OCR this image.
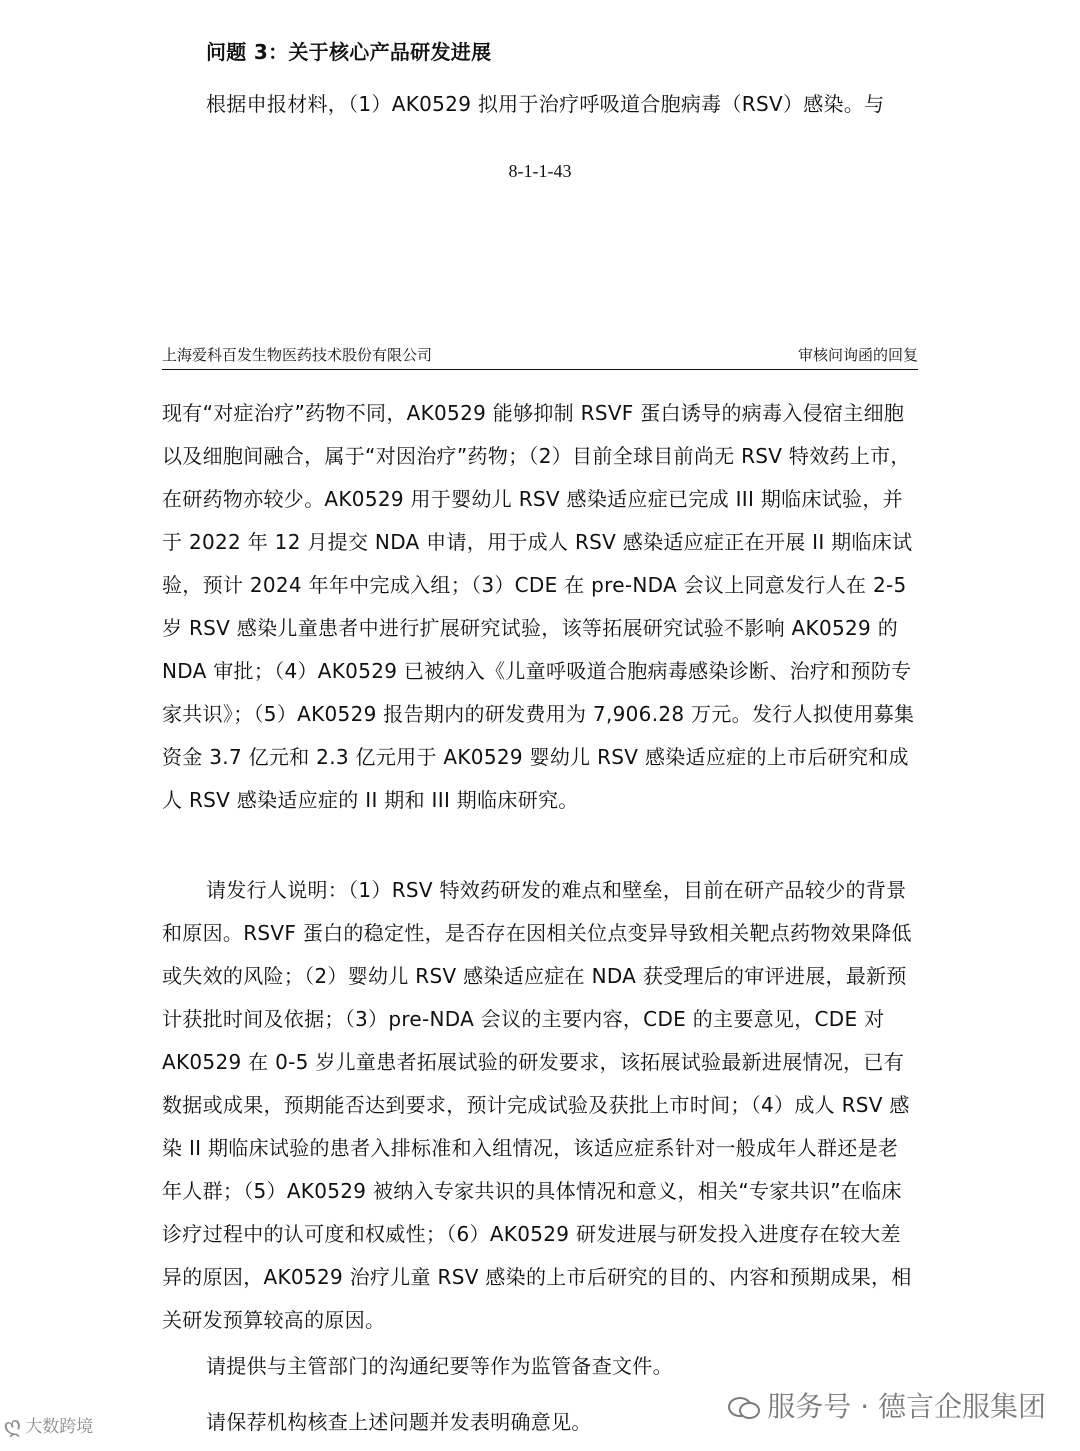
问题 3：关于核心产品研发进展
根据申报材料，（1）AK0529 拟用于治疗呼吸道合胞病毒（RSV）感染。与
8-1-1-43
上海爱科百发生物医药技术股份有限公司	审核问询函的回复
现有“对症治疗”药物不同，AK0529 能够抑制 RSVF 蛋白诱导的病毒入侵宿主细胞以及细胞间融合，属于“对因治疗”药物；（2）目前全球目前尚无 RSV 特效药上市，在研药物亦较少。AK0529 用于婴幼儿 RSV 感染适应症已完成 III 期临床试验，并于 2022 年 12 月提交 NDA 申请，用于成人 RSV 感染适应症正在开展 II 期临床试验，预计 2024 年年中完成入组；（3）CDE 在 pre-NDA 会议上同意发行人在 2-5 岁 RSV 感染儿童患者中进行扩展研究试验，该等拓展研究试验不影响 AK0529 的 NDA 审批；（4）AK0529 已被纳入《儿童呼吸道合胞病毒感染诊断、治疗和预防专家共识》；（5）AK0529 报告期内的研发费用为 7,906.28 万元。发行人拟使用募集资金 3.7 亿元和 2.3 亿元用于 AK0529 婴幼儿 RSV 感染适应症的上市后研究和成人 RSV 感染适应症的 II 期和 III 期临床研究。
请发行人说明：（1）RSV 特效药研发的难点和壁垒，目前在研产品较少的背景和原因。RSVF 蛋白的稳定性，是否存在因相关位点变异导致相关靶点药物效果降低或失效的风险；（2）婴幼儿 RSV 感染适应症在 NDA 获受理后的审评进展，最新预计获批时间及依据；（3）pre-NDA 会议的主要内容，CDE 的主要意见，CDE 对 AK0529 在 0-5 岁儿童患者拓展试验的研发要求，该拓展试验最新进展情况，已有数据或成果，预期能否达到要求，预计完成试验及获批上市时间；（4）成人 RSV 感染 II 期临床试验的患者入排标准和入组情况，该适应症系针对一般成年人群还是老年人群；（5）AK0529 被纳入专家共识的具体情况和意义，相关“专家共识”在临床诊疗过程中的认可度和权威性；（6）AK0529 研发进展与研发投入进度存在较大差异的原因，AK0529 治疗儿童 RSV 感染的上市后研究的目的、内容和预期成果，相关研发预算较高的原因。
请提供与主管部门的沟通纪要等作为监管备查文件。
请保荐机构核查上述问题并发表明确意见。
ღ 大数跨境
服务号 · 德言企服集团
